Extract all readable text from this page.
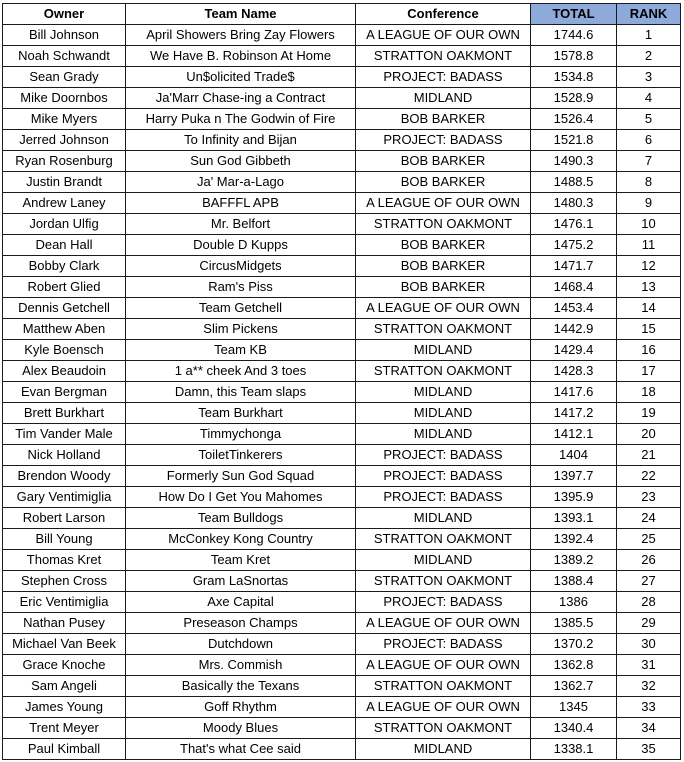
Owner	Team Name	Conference	TOTAL	RANK
Bill Johnson	April Showers Bring Zay Flowers	A LEAGUE OF OUR OWN	1744.6	1
Noah Schwandt	We Have B. Robinson At Home	STRATTON OAKMONT	1578.8	2
Sean Grady	Un$olicited Trade$	PROJECT: BADASS	1534.8	3
Mike Doornbos	Ja'Marr Chase-ing a Contract	MIDLAND	1528.9	4
Mike Myers	Harry Puka n The Godwin of Fire	BOB BARKER	1526.4	5
Jerred Johnson	To Infinity and Bijan	PROJECT: BADASS	1521.8	6
Ryan Rosenburg	Sun God Gibbeth	BOB BARKER	1490.3	7
Justin Brandt	Ja' Mar-a-Lago	BOB BARKER	1488.5	8
Andrew Laney	BAFFFL APB	A LEAGUE OF OUR OWN	1480.3	9
Jordan Ulfig	Mr. Belfort	STRATTON OAKMONT	1476.1	10
Dean Hall	Double D Kupps	BOB BARKER	1475.2	11
Bobby Clark	CircusMidgets	BOB BARKER	1471.7	12
Robert Glied	Ram's Piss	BOB BARKER	1468.4	13
Dennis Getchell	Team Getchell	A LEAGUE OF OUR OWN	1453.4	14
Matthew Aben	Slim Pickens	STRATTON OAKMONT	1442.9	15
Kyle Boensch	Team KB	MIDLAND	1429.4	16
Alex Beaudoin	1 a** cheek And 3 toes	STRATTON OAKMONT	1428.3	17
Evan Bergman	Damn, this Team slaps	MIDLAND	1417.6	18
Brett Burkhart	Team Burkhart	MIDLAND	1417.2	19
Tim Vander Male	Timmychonga	MIDLAND	1412.1	20
Nick Holland	ToiletTinkerers	PROJECT: BADASS	1404	21
Brendon Woody	Formerly Sun God Squad	PROJECT: BADASS	1397.7	22
Gary Ventimiglia	How Do I Get You Mahomes	PROJECT: BADASS	1395.9	23
Robert Larson	Team Bulldogs	MIDLAND	1393.1	24
Bill Young	McConkey Kong Country	STRATTON OAKMONT	1392.4	25
Thomas Kret	Team Kret	MIDLAND	1389.2	26
Stephen Cross	Gram LaSnortas	STRATTON OAKMONT	1388.4	27
Eric Ventimiglia	Axe Capital	PROJECT: BADASS	1386	28
Nathan Pusey	Preseason Champs	A LEAGUE OF OUR OWN	1385.5	29
Michael Van Beek	Dutchdown	PROJECT: BADASS	1370.2	30
Grace Knoche	Mrs. Commish	A LEAGUE OF OUR OWN	1362.8	31
Sam Angeli	Basically the Texans	STRATTON OAKMONT	1362.7	32
James Young	Goff Rhythm	A LEAGUE OF OUR OWN	1345	33
Trent Meyer	Moody Blues	STRATTON OAKMONT	1340.4	34
Paul Kimball	That's what Cee said	MIDLAND	1338.1	35
